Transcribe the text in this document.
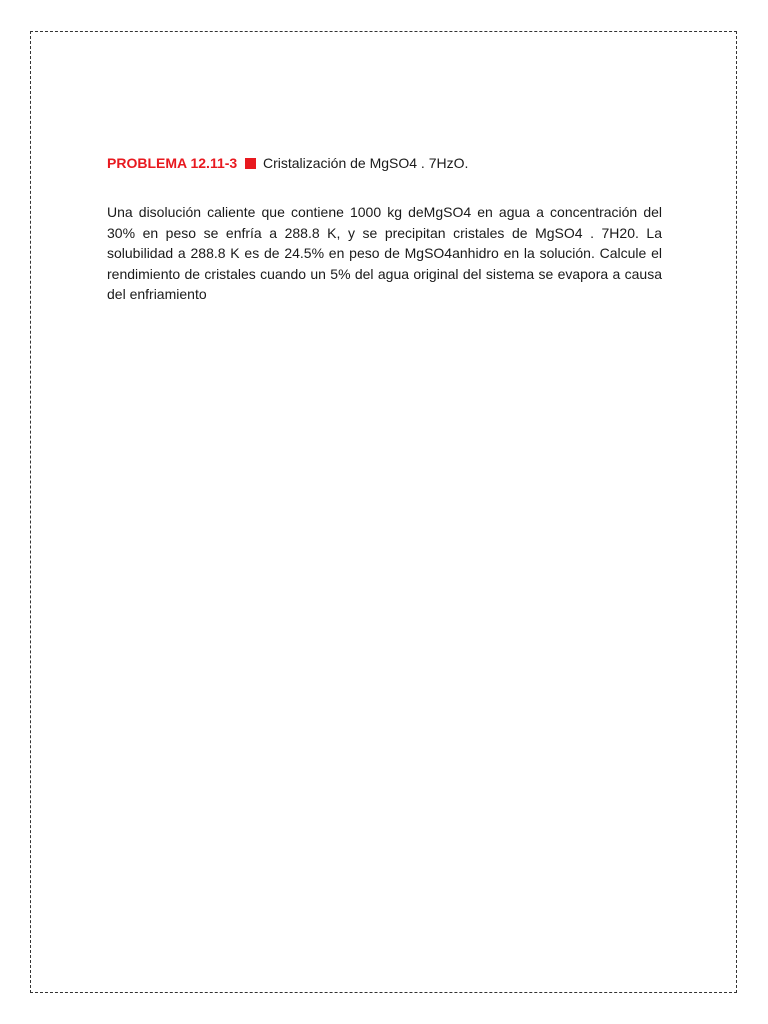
PROBLEMA 12.11-3 Cristalización de MgSO4 . 7HzO.

Una disolución caliente que contiene 1000 kg deMgSO4 en agua a concentración del 30% en peso se enfría a 288.8 K, y se precipitan cristales de MgSO4 . 7H20. La solubilidad a 288.8 K es de 24.5% en peso de MgSO4anhidro en la solución. Calcule el rendimiento de cristales cuando un 5% del agua original del sistema se evapora a causa del enfriamiento
